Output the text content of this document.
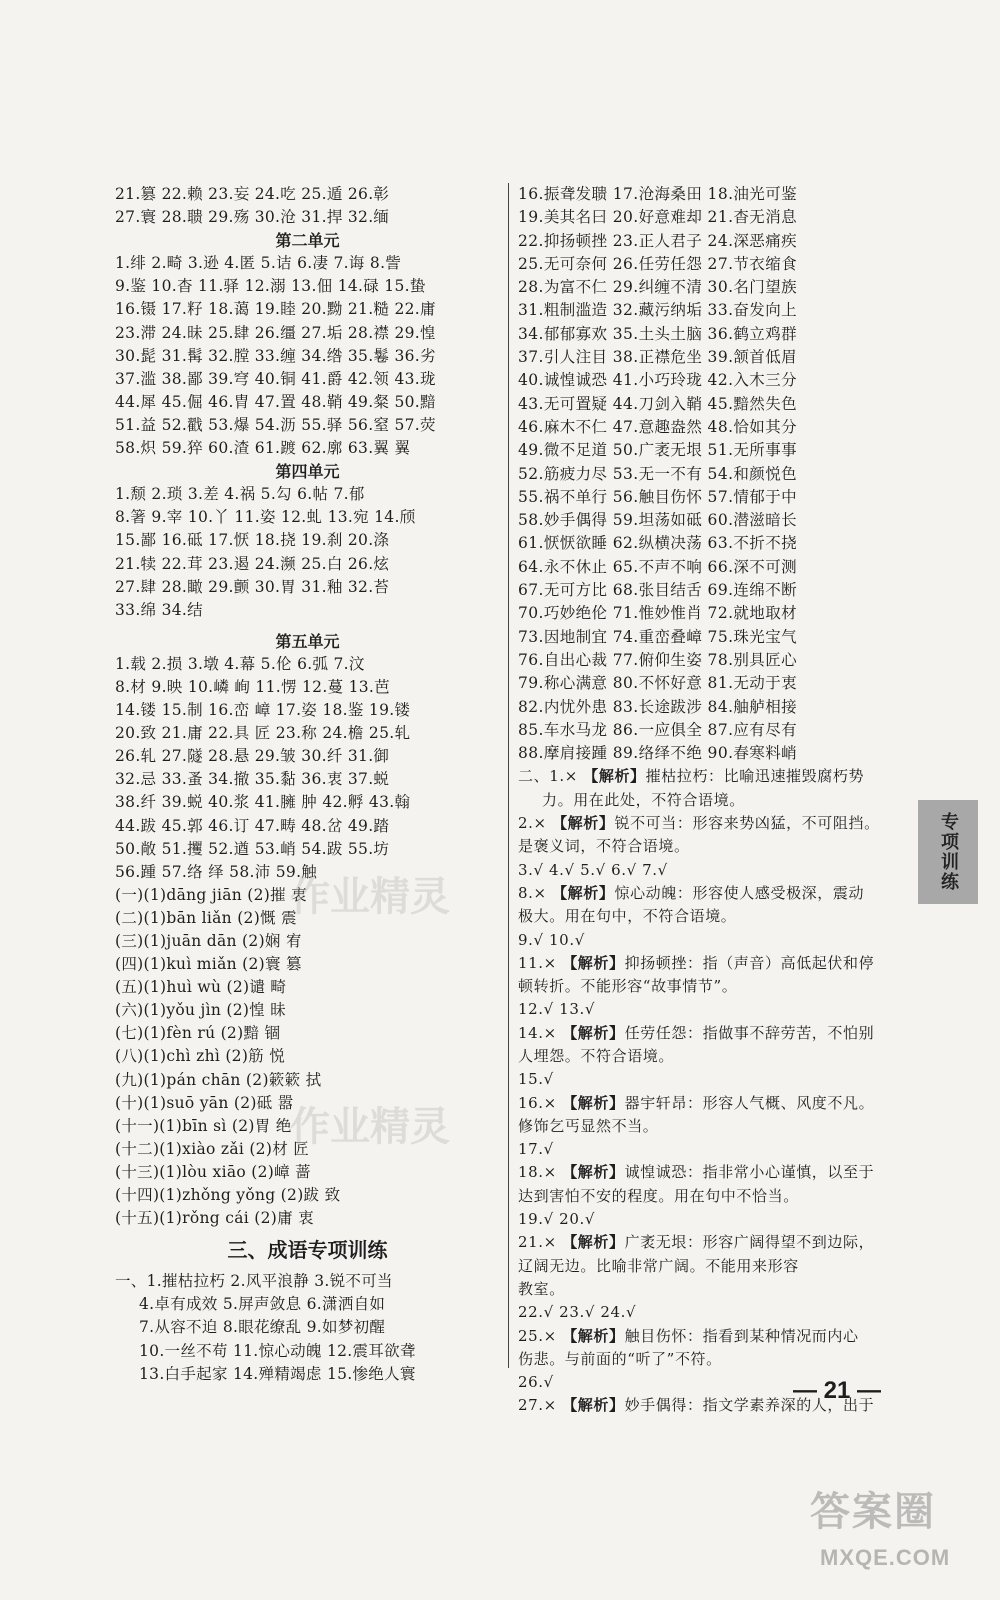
21.篡 22.赖 23.妄 24.吃 25.遁 26.彰
27.寰 28.聩 29.殇 30.沧 31.捍 32.缅
第二单元
1.绯 2.畸 3.逊 4.匿 5.诘 6.凄 7.诲 8.訾
9.鉴 10.杳 11.驿 12.溺 13.佃 14.碌 15.蛰
16.镊 17.籽 18.蔼 19.睦 20.黝 21.糙 22.庸
23.滞 24.昧 25.肆 26.缰 27.垢 28.襟 29.惶
30.髭 31.髯 32.膛 33.缠 34.绺 35.鬈 36.劣
37.滥 38.鄙 39.穹 40.铜 41.爵 42.领 43.珑
44.犀 45.倔 46.胄 47.置 48.鞘 49.粲 50.黯
51.益 52.戳 53.爆 54.沥 55.驿 56.窒 57.荧
58.炽 59.猝 60.渣 61.踱 62.廓 63.翼 翼
第四单元
1.颓 2.琐 3.差 4.祸 5.勾 6.帖 7.郁
8.箸 9.宰 10.丫 11.姿 12.虬 13.宛 14.颀
15.鄙 16.砥 17.恹 18.挠 19.刹 20.涤
21.犊 22.茸 23.遏 24.濒 25.白 26.炫
27.肆 28.瞰 29.颤 30.胃 31.釉 32.苔
33.绵 34.结
第五单元
1.载 2.损 3.墩 4.幕 5.伦 6.弧 7.汶
8.材 9.映 10.嶙 峋 11.愣 12.蔓 13.芭
14.镂 15.制 16.峦 嶂 17.姿 18.鉴 19.镂
20.致 21.庸 22.具 匠 23.称 24.檐 25.轧
26.轧 27.隧 28.悬 29.皱 30.纤 31.御
32.忌 33.蚤 34.撤 35.黏 36.衷 37.蜕
38.纤 39.蜕 40.浆 41.臃 肿 42.孵 43.翰
44.跋 45.郭 46.订 47.畴 48.岔 49.踏
50.敞 51.攫 52.遒 53.峭 54.跋 55.坊
56.踵 57.络 绎 58.沛 59.触
(一)(1)dāng jiān (2)摧 衷
(二)(1)bān liǎn (2)慨 震
(三)(1)juān dān (2)娴 宥
(四)(1)kuì miǎn (2)寰 篡
(五)(1)huì wù (2)谴 畸
(六)(1)yǒu jìn (2)惶 昧
(七)(1)fèn rú (2)黯 锢
(八)(1)chì zhì (2)筋 悦
(九)(1)pán chān (2)簌簌 拭
(十)(1)suō yān (2)砥 嚣
(十一)(1)bīn sì (2)胃 绝
(十二)(1)xiào zǎi (2)材 匠
(十三)(1)lòu xiāo (2)嶂 蔷
(十四)(1)zhǒng yǒng (2)跋 致
(十五)(1)rǒng cái (2)庸 衷
三、成语专项训练
一、1.摧枯拉朽 2.风平浪静 3.锐不可当
4.卓有成效 5.屏声敛息 6.潇洒自如
7.从容不迫 8.眼花缭乱 9.如梦初醒
10.一丝不苟 11.惊心动魄 12.震耳欲聋
13.白手起家 14.殚精竭虑 15.惨绝人寰
16.振聋发聩 17.沧海桑田 18.油光可鉴
19.美其名曰 20.好意难却 21.杳无消息
22.抑扬顿挫 23.正人君子 24.深恶痛疾
25.无可奈何 26.任劳任怨 27.节衣缩食
28.为富不仁 29.纠缠不清 30.名门望族
31.粗制滥造 32.藏污纳垢 33.奋发向上
34.郁郁寡欢 35.土头土脑 36.鹤立鸡群
37.引人注目 38.正襟危坐 39.颔首低眉
40.诚惶诚恐 41.小巧玲珑 42.入木三分
43.无可置疑 44.刀剑入鞘 45.黯然失色
46.麻木不仁 47.意趣盎然 48.恰如其分
49.微不足道 50.广袤无垠 51.无所事事
52.筋疲力尽 53.无一不有 54.和颜悦色
55.祸不单行 56.触目伤怀 57.情郁于中
58.妙手偶得 59.坦荡如砥 60.潜滋暗长
61.恹恹欲睡 62.纵横决荡 63.不折不挠
64.永不休止 65.不声不响 66.深不可测
67.无可方比 68.张目结舌 69.连绵不断
70.巧妙绝伦 71.惟妙惟肖 72.就地取材
73.因地制宜 74.重峦叠嶂 75.珠光宝气
76.自出心裁 77.俯仰生姿 78.别具匠心
79.称心满意 80.不怀好意 81.无动于衷
82.内忧外患 83.长途跋涉 84.舳舻相接
85.车水马龙 86.一应俱全 87.应有尽有
88.摩肩接踵 89.络绎不绝 90.春寒料峭
二、1.× 【解析】摧枯拉朽：比喻迅速摧毁腐朽势
力。用在此处，不符合语境。
2.× 【解析】锐不可当：形容来势凶猛，不可阻挡。
是褒义词，不符合语境。
3.√ 4.√ 5.√ 6.√ 7.√
8.× 【解析】惊心动魄：形容使人感受极深，震动
极大。用在句中，不符合语境。
9.√ 10.√
11.× 【解析】抑扬顿挫：指（声音）高低起伏和停
顿转折。不能形容“故事情节”。
12.√ 13.√
14.× 【解析】任劳任怨：指做事不辞劳苦，不怕别
人埋怨。不符合语境。
15.√
16.× 【解析】器宇轩昂：形容人气概、风度不凡。
修饰乞丐显然不当。
17.√
18.× 【解析】诚惶诚恐：指非常小心谨慎，以至于
达到害怕不安的程度。用在句中不恰当。
19.√ 20.√
21.× 【解析】广袤无垠：形容广阔得望不到边际，
辽阔无边。比喻非常广阔。不能用来形容
教室。
22.√ 23.√ 24.√
25.× 【解析】触目伤怀：指看到某种情况而内心
伤悲。与前面的“听了”不符。
26.√
27.× 【解析】妙手偶得：指文学素养深的人，出于
专项训练
— 21 —
作业精灵
作业精灵
答案圈
MXQE.COM
